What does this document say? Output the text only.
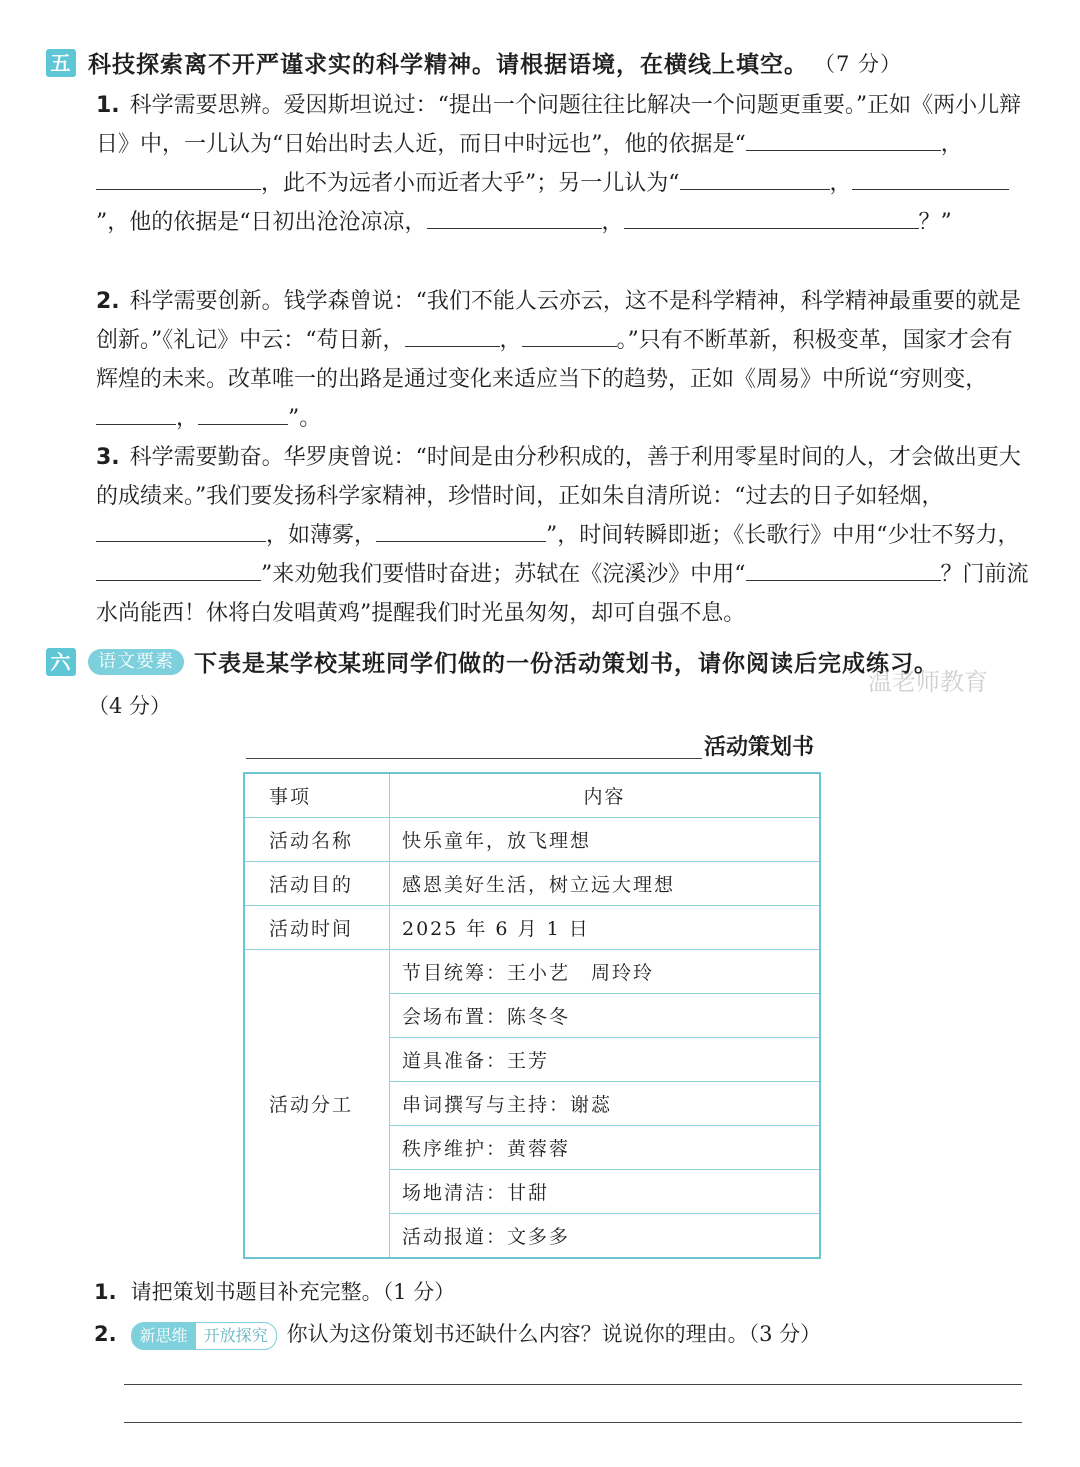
五 科技探索离不开严谨求实的科学精神。请根据语境，在横线上填空。 （7 分）
1. 科学需要思辨。爱因斯坦说过：“提出一个问题往往比解决一个问题更重要。”正如《两小儿辩日》中，一儿认为“日始出时去人近，而日中时远也”，他的依据是“	，，此不为远者小而近者大乎”；另一儿认为“	，”，他的依据是“日初出沧沧凉凉，	，	？”
2. 科学需要创新。钱学森曾说：“我们不能人云亦云，这不是科学精神，科学精神最重要的就是创新。”《礼记》中云：“苟日新，	，	。”只有不断革新，积极变革，国家才会有辉煌的未来。改革唯一的出路是通过变化来适应当下的趋势，正如《周易》中所说“穷则变，，	”。
3. 科学需要勤奋。华罗庚曾说：“时间是由分秒积成的，善于利用零星时间的人，才会做出更大的成绩来。”我们要发扬科学家精神，珍惜时间，正如朱自清所说：“过去的日子如轻烟，，如薄雾，	”，时间转瞬即逝；《长歌行》中用“少壮不努力，”来劝勉我们要惜时奋进；苏轼在《浣溪沙》中用“	？门前流水尚能西！休将白发唱黄鸡”提醒我们时光虽匆匆，却可自强不息。
六	语文要素 下表是某学校某班同学们做的一份活动策划书，请你阅读后完成练习。
温老师教育
（4 分）
活动策划书
事项	内容
活动名称	快乐童年，放飞理想
活动目的	感恩美好生活，树立远大理想
活动时间	2025 年 6 月 1 日
活动分工	节目统筹：王小艺　周玲玲
	会场布置：陈冬冬
	道具准备：王芳
	串词撰写与主持：谢蕊
	秩序维护：黄蓉蓉
	场地清洁：甘甜
	活动报道：文多多
1. 请把策划书题目补充完整。（1 分）
2.	新思维	开放探究 你认为这份策划书还缺什么内容？说说你的理由。（3 分）
